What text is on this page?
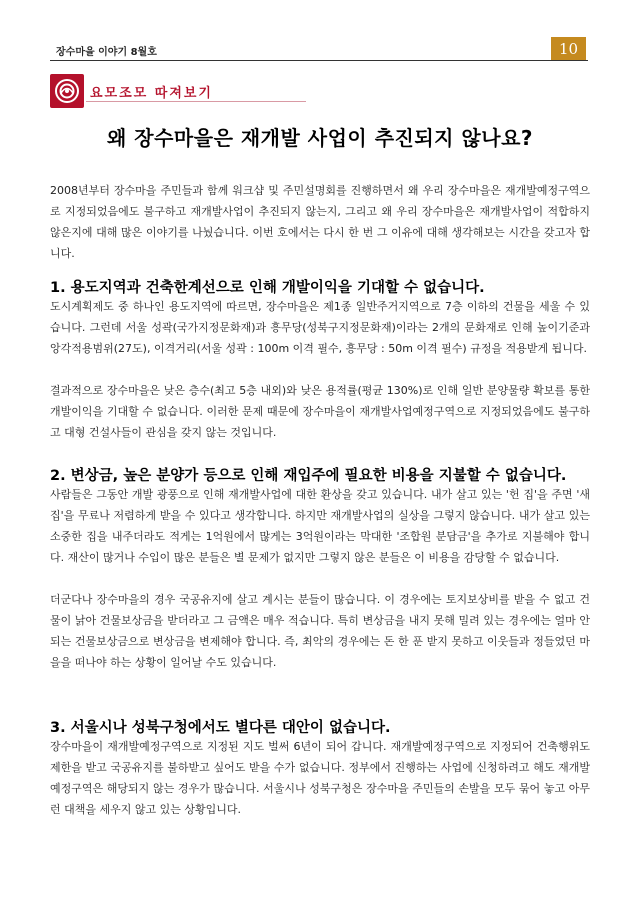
장수마을 이야기 8월호	10
요모조모 따져보기
왜 장수마을은 재개발 사업이 추진되지 않나요?

2008년부터 장수마을 주민들과 함께 워크샵 및 주민설명회를 진행하면서 왜 우리 장수마을은 재개발예정구역으로 지정되었음에도 불구하고 재개발사업이 추진되지 않는지, 그리고 왜 우리 장수마을은 재개발사업이 적합하지 않은지에 대해 많은 이야기를 나눴습니다. 이번 호에서는 다시 한 번 그 이유에 대해 생각해보는 시간을 갖고자 합니다.

1. 용도지역과 건축한계선으로 인해 개발이익을 기대할 수 없습니다.

도시계획제도 중 하나인 용도지역에 따르면, 장수마을은 제1종 일반주거지역으로 7층 이하의 건물을 세울 수 있습니다. 그런데 서울 성곽(국가지정문화재)과 흥무당(성북구지정문화재)이라는 2개의 문화재로 인해 높이기준과 앙각적용범위(27도), 이격거리(서울 성곽 : 100m 이격 필수, 흥무당 : 50m 이격 필수) 규정을 적용받게 됩니다.

결과적으로 장수마을은 낮은 층수(최고 5층 내외)와 낮은 용적률(평균 130%)로 인해 일반 분양물량 확보를 통한 개발이익을 기대할 수 없습니다. 이러한 문제 때문에 장수마을이 재개발사업예정구역으로 지정되었음에도 불구하고 대형 건설사들이 관심을 갖지 않는 것입니다.

2. 변상금, 높은 분양가 등으로 인해 재입주에 필요한 비용을 지불할 수 없습니다.

사람들은 그동안 개발 광풍으로 인해 재개발사업에 대한 환상을 갖고 있습니다. 내가 살고 있는 '헌 집'을 주면 '새 집'을 무료나 저렴하게 받을 수 있다고 생각합니다. 하지만 재개발사업의 실상을 그렇지 않습니다. 내가 살고 있는 소중한 집을 내주더라도 적게는 1억원에서 많게는 3억원이라는 막대한 '조합원 분담금'을 추가로 지불해야 합니다. 재산이 많거나 수입이 많은 분들은 별 문제가 없지만 그렇지 않은 분들은 이 비용을 감당할 수 없습니다.

더군다나 장수마을의 경우 국공유지에 살고 계시는 분들이 많습니다. 이 경우에는 토지보상비를 받을 수 없고 건물이 낡아 건물보상금을 받더라고 그 금액은 매우 적습니다. 특히 변상금을 내지 못해 밀려 있는 경우에는 얼마 안 되는 건물보상금으로 변상금을 변제해야 합니다. 즉, 최악의 경우에는 돈 한 푼 받지 못하고 이웃들과 정들었던 마을을 떠나야 하는 상황이 일어날 수도 있습니다.

3. 서울시나 성북구청에서도 별다른 대안이 없습니다.

장수마을이 재개발예정구역으로 지정된 지도 벌써 6년이 되어 갑니다. 재개발예정구역으로 지정되어 건축행위도 제한을 받고 국공유지를 불하받고 싶어도 받을 수가 없습니다. 정부에서 진행하는 사업에 신청하려고 해도 재개발예정구역은 해당되지 않는 경우가 많습니다. 서울시나 성북구청은 장수마을 주민들의 손발을 모두 묶어 놓고 아무런 대책을 세우지 않고 있는 상황입니다.
